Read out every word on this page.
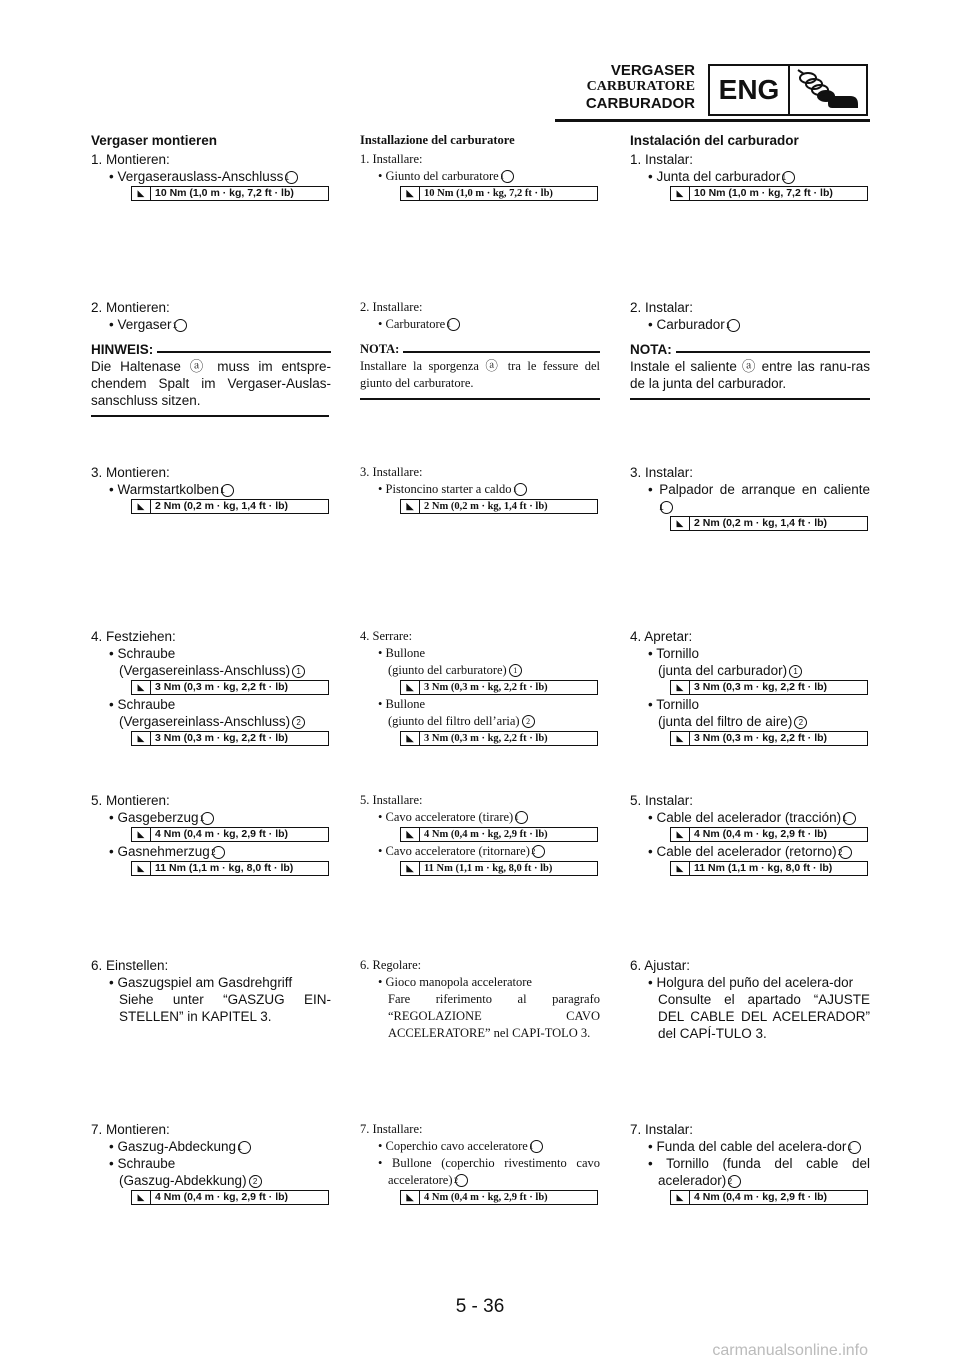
VERGASER
CARBURATORE
CARBURADOR ENG
Vergaser montieren
1. Montieren:
• Vergaserauslass-Anschluss1
◣	10 Nm (1,0 m · kg, 7,2 ft · lb)
2. Montieren:
• Vergaser1
HINWEIS:
Die Haltenase ⓐ muss im entspre-chendem Spalt im Vergaser-Auslas-sanschluss sitzen.
3. Montieren:
• Warmstartkolben1
◣	2 Nm (0,2 m · kg, 1,4 ft · lb)
4. Festziehen:
• Schraube
(Vergasereinlass-Anschluss) 1
◣	3 Nm (0,3 m · kg, 2,2 ft · lb)
• Schraube
(Vergasereinlass-Anschluss) 2
◣	3 Nm (0,3 m · kg, 2,2 ft · lb)
5. Montieren:
• Gasgeberzug1
◣	4 Nm (0,4 m · kg, 2,9 ft · lb)
• Gasnehmerzug2
◣	11 Nm (1,1 m · kg, 8,0 ft · lb)
6. Einstellen:
• Gaszugspiel am Gasdrehgriff
Siehe unter “GASZUG EIN-STELLEN” in KAPITEL 3.
7. Montieren:
• Gaszug-Abdeckung1
• Schraube
(Gaszug-Abdekkung) 2
◣	4 Nm (0,4 m · kg, 2,9 ft · lb)
Installazione del carburatore
1. Installare:
• Giunto del carburatore 1
◣	10 Nm (1,0 m · kg, 7,2 ft · lb)
2. Installare:
• Carburatore 1
NOTA:
Installare la sporgenza ⓐ tra le fessure del giunto del carburatore.
3. Installare:
• Pistoncino starter a caldo 1
◣	2 Nm (0,2 m · kg, 1,4 ft · lb)
4. Serrare:
• Bullone
(giunto del carburatore) 1
◣	3 Nm (0,3 m · kg, 2,2 ft · lb)
• Bullone
(giunto del filtro dell’aria) 2
◣	3 Nm (0,3 m · kg, 2,2 ft · lb)
5. Installare:
• Cavo acceleratore (tirare) 1
◣	4 Nm (0,4 m · kg, 2,9 ft · lb)
• Cavo acceleratore (ritornare) 2
◣	11 Nm (1,1 m · kg, 8,0 ft · lb)
6. Regolare:
• Gioco manopola acceleratore
Fare riferimento al paragrafo “REGOLAZIONE CAVO ACCELERATORE” nel CAPI-TOLO 3.
7. Installare:
• Coperchio cavo acceleratore 1
• Bullone (coperchio rivestimento cavo acceleratore) 2
◣	4 Nm (0,4 m · kg, 2,9 ft · lb)
Instalación del carburador
1. Instalar:
• Junta del carburador1
◣	10 Nm (1,0 m · kg, 7,2 ft · lb)
2. Instalar:
• Carburador1
NOTA:
Instale el saliente ⓐ entre las ranu-ras de la junta del carburador.
3. Instalar:
• Palpador de arranque en caliente1
◣	2 Nm (0,2 m · kg, 1,4 ft · lb)
4. Apretar:
• Tornillo
(junta del carburador) 1
◣	3 Nm (0,3 m · kg, 2,2 ft · lb)
• Tornillo
(junta del filtro de aire) 2
◣	3 Nm (0,3 m · kg, 2,2 ft · lb)
5. Instalar:
• Cable del acelerador (tracción)1
◣	4 Nm (0,4 m · kg, 2,9 ft · lb)
• Cable del acelerador (retorno)2
◣	11 Nm (1,1 m · kg, 8,0 ft · lb)
6. Ajustar:
• Holgura del puño del acelera-dor
Consulte el apartado “AJUSTE DEL CABLE DEL ACELERADOR” del CAPÍ-TULO 3.
7. Instalar:
• Funda del cable del acelera-dor1
• Tornillo (funda del cable del acelerador)2
◣	4 Nm (0,4 m · kg, 2,9 ft · lb)
5 - 36
carmanualsonline.info
